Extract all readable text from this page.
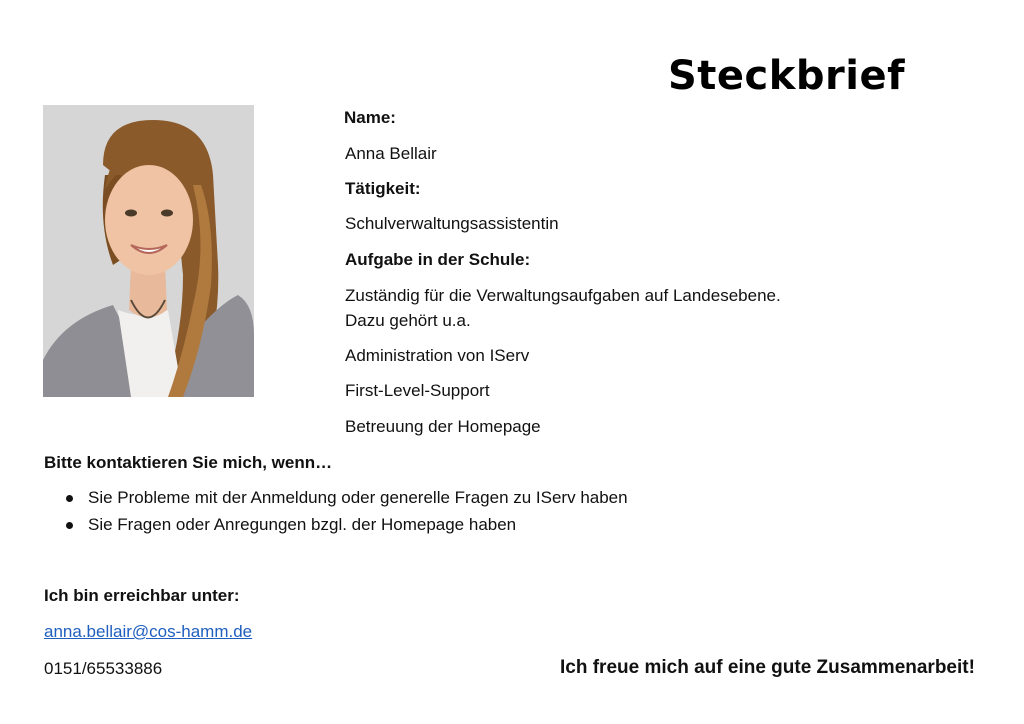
Steckbrief
Name:
Anna Bellair
Tätigkeit:
Schulverwaltungsassistentin
Aufgabe in der Schule:
Zuständig für die Verwaltungsaufgaben auf Landesebene.
Dazu gehört u.a.
Administration von IServ
First-Level-Support
Betreuung der Homepage
Bitte kontaktieren Sie mich, wenn…
Sie Probleme mit der Anmeldung oder generelle Fragen zu IServ haben
Sie Fragen oder Anregungen bzgl. der Homepage haben
Ich bin erreichbar unter:
anna.bellair@cos-hamm.de
0151/65533886	Ich freue mich auf eine gute Zusammenarbeit!
